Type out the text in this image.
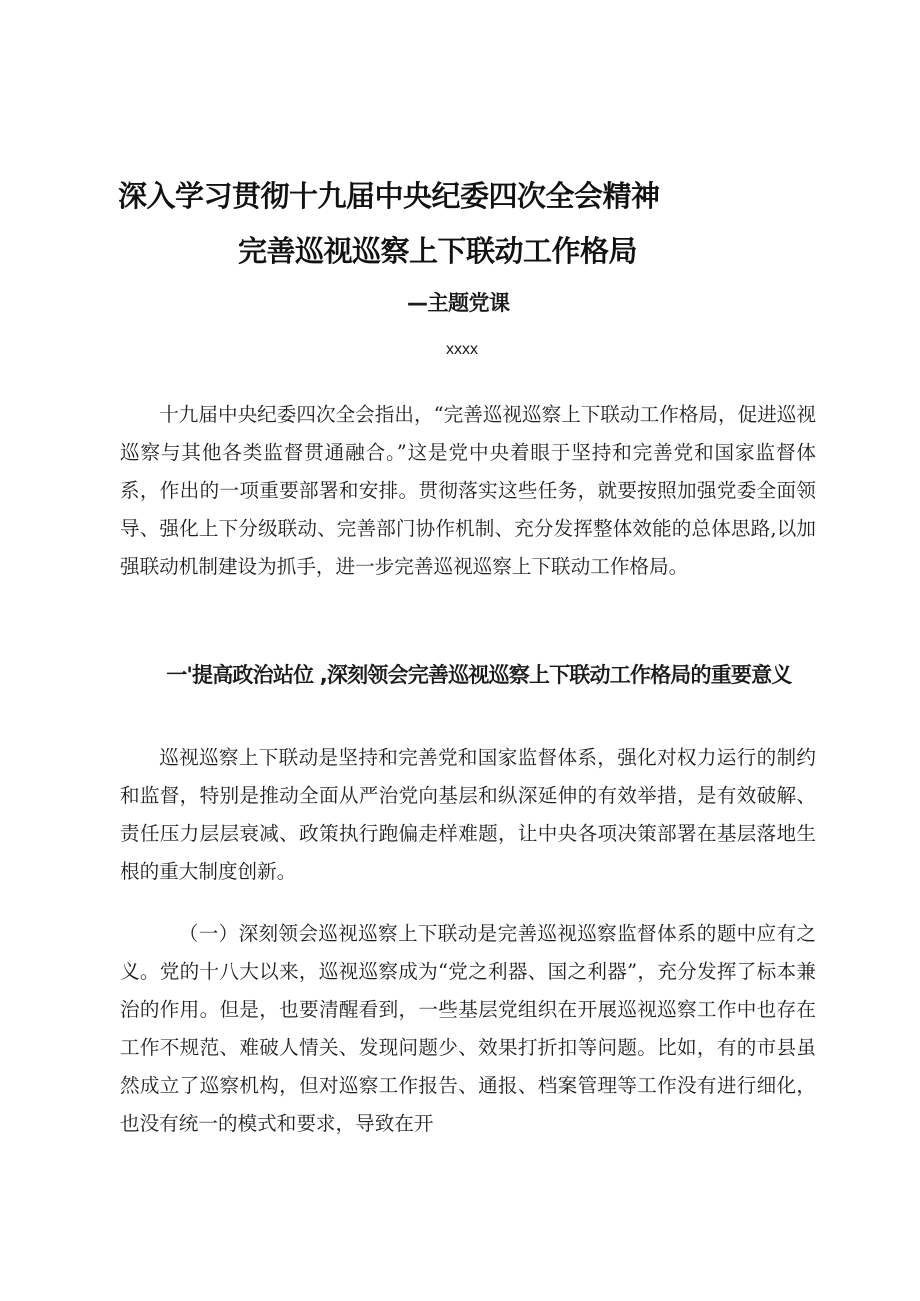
深入学习贯彻十九届中央纪委四次全会精神
完善巡视巡察上下联动工作格局
—主题党课
xxxx

十九届中央纪委四次全会指出，“完善巡视巡察上下联动工作格局，促进巡视巡察与其他各类监督贯通融合。”这是党中央着眼于坚持和完善党和国家监督体系，作出的一项重要部署和安排。贯彻落实这些任务，就要按照加强党委全面领导、强化上下分级联动、完善部门协作机制、充分发挥整体效能的总体思路,以加强联动机制建设为抓手，进一步完善巡视巡察上下联动工作格局。

一'提高政治站位 ,深刻领会完善巡视巡察上下联动工作格局的重要意义

巡视巡察上下联动是坚持和完善党和国家监督体系，强化对权力运行的制约和监督，特别是推动全面从严治党向基层和纵深延伸的有效举措，是有效破解、责任压力层层衰减、政策执行跑偏走样难题，让中央各项决策部署在基层落地生根的重大制度创新。

（一）深刻领会巡视巡察上下联动是完善巡视巡察监督体系的题中应有之义。党的十八大以来，巡视巡察成为“党之利器、国之利器”，充分发挥了标本兼治的作用。但是，也要清醒看到，一些基层党组织在开展巡视巡察工作中也存在工作不规范、难破人情关、发现问题少、效果打折扣等问题。比如，有的市县虽然成立了巡察机构，但对巡察工作报告、通报、档案管理等工作没有进行细化，也没有统一的模式和要求，导致在开
